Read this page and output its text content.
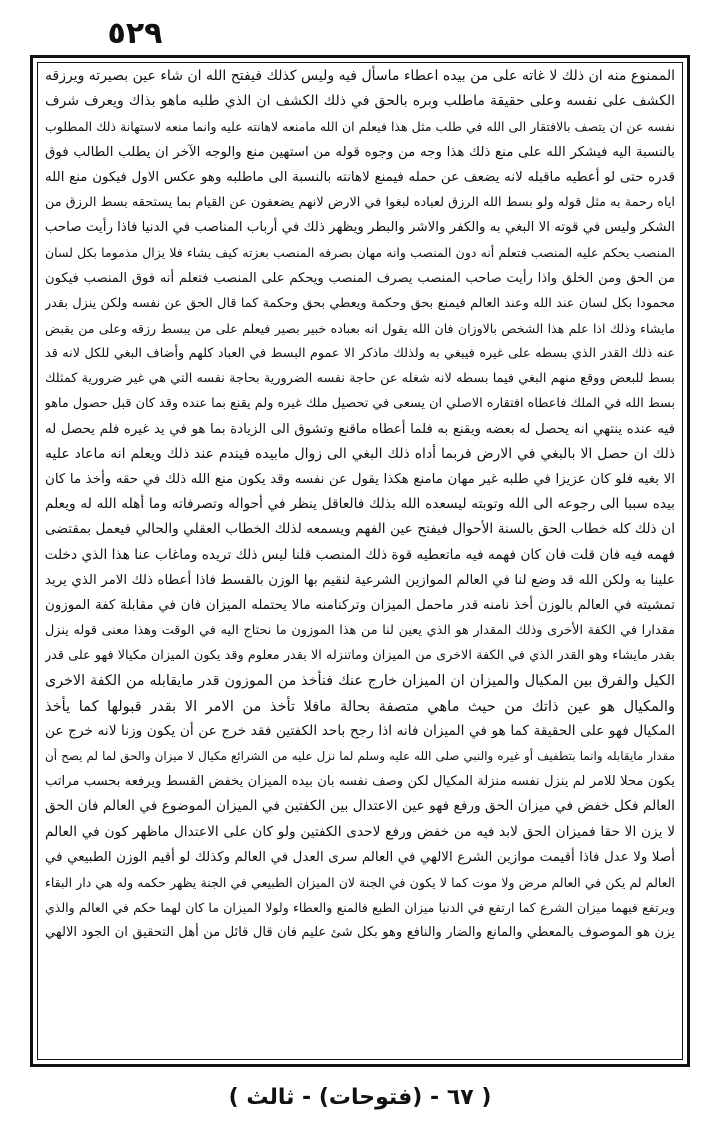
٥٢٩
الممنوع منه ان ذلك لا غاته على من بيده اعطاء ماسأل فيه وليس كذلك فيفتح الله ان شاء عين بصيرته ويرزقه
الكشف على نفسه وعلى حقيقة ماطلب وبره بالحق في ذلك الكشف ان الذي طلبه ماهو بذاك ويعرف شرف
نفسه عن ان يتصف بالافتقار الى الله في طلب مثل هذا فيعلم ان الله مامنعه لاهانته عليه وانما منعه لاستهانة ذلك المطلوب
بالنسبة اليه فيشكر الله على منع ذلك هذا وجه من وجوه قوله من استهين منع والوجه الآخر ان يطلب الطالب فوق
قدره حتى لو أعطيه ماقبله لانه يضعف عن حمله فيمنع لاهانته بالنسبة الى ماطلبه وهو عكس الاول فيكون منع الله
اياه رحمة به مثل قوله ولو بسط الله الرزق لعباده لبغوا في الارض لانهم يضعفون عن القيام بما يستحقه بسط الرزق من
الشكر وليس في قوته الا البغي به والكفر والاشر والبطر ويظهر ذلك في أرباب المناصب في الدنيا فاذا رأيت صاحب
المنصب يحكم عليه المنصب فتعلم أنه دون المنصب وانه مهان بصرفه المنصب بعزته كيف يشاء فلا يزال مذموما بكل لسان
من الحق ومن الخلق واذا رأيت صاحب المنصب يصرف المنصب ويحكم على المنصب فتعلم أنه فوق المنصب فيكون
محمودا بكل لسان عند الله وعند العالم فيمنع بحق وحكمة ويعطي بحق وحكمة كما قال الحق عن نفسه ولكن ينزل بقدر
مايشاء وذلك اذا علم هذا الشخص بالاوزان فان الله يقول انه بعباده خبير بصير فيعلم على من يبسط رزقه وعلى من يقبض
عنه ذلك القدر الذي بسطه على غيره فيبغي به ولذلك ماذكر الا عموم البسط في العباد كلهم وأضاف البغي للكل لانه قد
بسط للبعض ووقع منهم البغي فيما بسطه لانه شغله عن حاجة نفسه الضرورية بحاجة نفسه التي هي غير ضرورية كمثلك
بسط الله في الملك فاعطاه افتقاره الاصلي ان يسعى في تحصيل ملك غيره ولم يقنع بما عنده وقد كان قبل حصول ماهو
فيه عنده ينتهي انه يحصل له بعضه ويقنع به فلما أعطاه ماقنع وتشوق الى الزيادة بما هو في يد غيره فلم يحصل له
ذلك ان حصل الا بالبغي في الارض فربما أداه ذلك البغي الى زوال مابيده فيندم عند ذلك ويعلم انه ماعاد عليه
الا بغيه فلو كان عزيزا في طلبه غير مهان مامنع هكذا يقول عن نفسه وقد يكون منع الله ذلك في حقه وأخذ ما كان
بيده سببا الى رجوعه الى الله وتوبته ليسعده الله بذلك فالعاقل ينظر في أحواله وتصرفاته وما أهله الله له ويعلم
ان ذلك كله خطاب الحق بالسنة الأحوال فيفتح عين الفهم ويسمعه لذلك الخطاب العقلي والحالي فيعمل بمقتضى
فهمه فيه فان قلت فان كان فهمه فيه ماتعطيه قوة ذلك المنصب قلنا ليس ذلك تريده وماغاب عنا هذا الذي دخلت
علينا به ولكن الله قد وضع لنا في العالم الموازين الشرعية لنقيم بها الوزن بالقسط فاذا أعطاه ذلك الامر الذي يريد
تمشيته في العالم بالوزن أخذ نامنه قدر ماحمل الميزان وتركنامنه مالا يحتمله الميزان فان في مقابلة كفة الموزون
مقدارا في الكفة الأخرى وذلك المقدار هو الذي يعين لنا من هذا الموزون ما نحتاج اليه في الوقت وهذا معنى قوله ينزل
بقدر مايشاء وهو القدر الذي في الكفة الاخرى من الميزان وماتنزله الا بقدر معلوم وقد يكون الميزان مكيالا فهو على قدر
الكيل والفرق بين المكيال والميزان ان الميزان خارج عنك فنأخذ من الموزون قدر مايقابله من الكفة الاخرى
والمكيال هو عين ذاتك من حيث ماهي متصفة بحالة مافلا تأخذ من الامر الا بقدر قبولها كما يأخذ
المكيال فهو على الحقيقة كما هو في الميزان فانه اذا رجح باحد الكفتين فقد خرج عن أن يكون وزنا لانه خرج عن
مقدار مايقابله وانما بتطفيف أو غيره والنبي صلى الله عليه وسلم لما نزل عليه من الشرائع مكيال لا ميزان والحق لما لم يصح أن
يكون محلا للامر لم ينزل نفسه منزلة المكيال لكن وصف نفسه بان بيده الميزان يخفض القسط ويرفعه بحسب مراتب
العالم فكل خفض في ميزان الحق ورفع فهو عين الاعتدال بين الكفتين في الميزان الموضوع في العالم فان الحق
لا يزن الا حقا فميزان الحق لابد فيه من خفض ورفع لاحدى الكفتين ولو كان على الاعتدال ماظهر كون في العالم
أصلا ولا عدل فاذا أقيمت موازين الشرع الالهي في العالم سرى العدل في العالم وكذلك لو أقيم الوزن الطبيعي في
العالم لم يكن في العالم مرض ولا موت كما لا يكون في الجنة لان الميزان الطبيعي في الجنة يظهر حكمه وله هي دار البقاء
ويرتفع فيهما ميزان الشرع كما ارتفع في الدنيا ميزان الطبع فالمنع والعطاء ولولا الميزان ما كان لهما حكم في العالم والذي
يزن هو الموصوف بالمعطي والمانع والضار والنافع وهو بكل شئ عليم فان قال قائل من أهل التحقيق ان الجود الالهي
( ٦٧ - (فتوحات) - ثالث )
